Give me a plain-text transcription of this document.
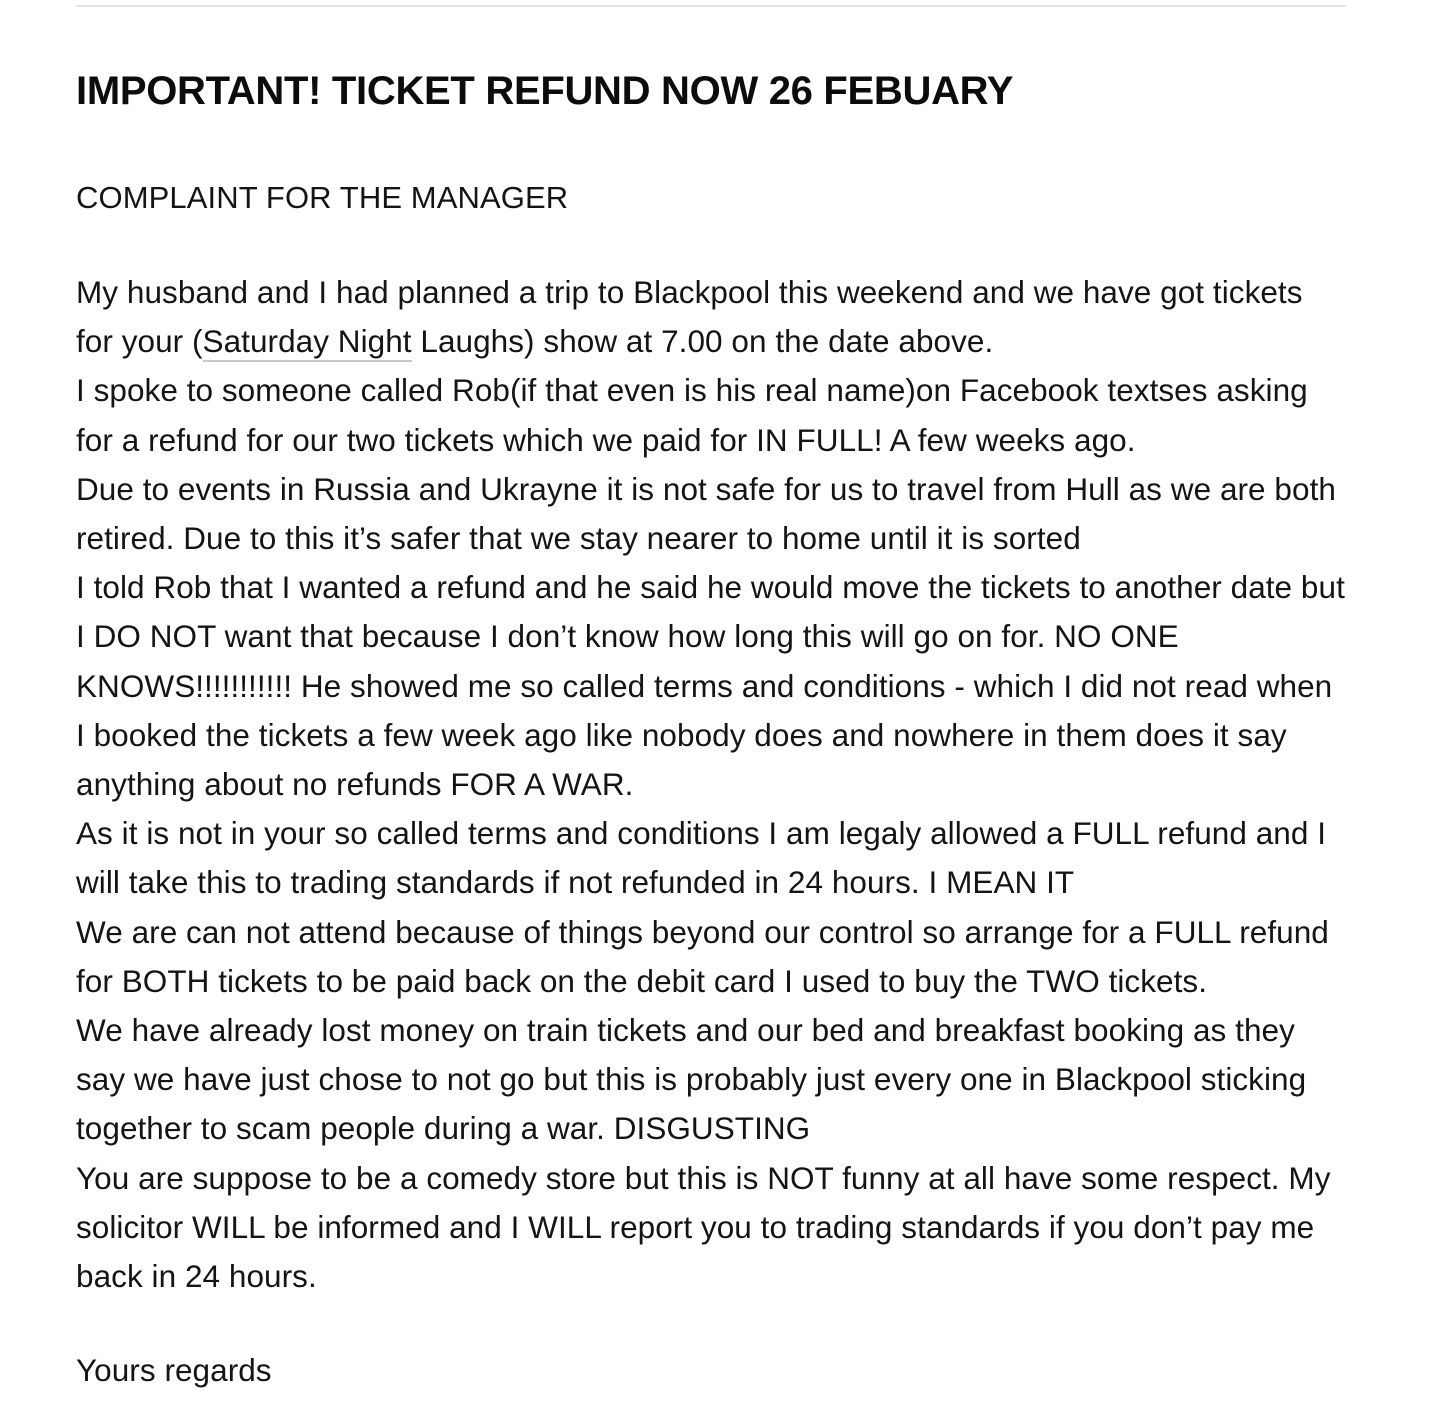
IMPORTANT! TICKET REFUND NOW 26 FEBUARY

COMPLAINT FOR THE MANAGER

My husband and I had planned a trip to Blackpool this weekend and we have got tickets for your (Saturday Night Laughs) show at 7.00 on the date above.

I spoke to someone called Rob(if that even is his real name)on Facebook textses asking for a refund for our two tickets which we paid for IN FULL! A few weeks ago.

Due to events in Russia and Ukrayne it is not safe for us to travel from Hull as we are both retired. Due to this it’s safer that we stay nearer to home until it is sorted

I told Rob that I wanted a refund and he said he would move the tickets to another date but I DO NOT want that because I don’t know how long this will go on for. NO ONE KNOWS!!!!!!!!!!! He showed me so called terms and conditions - which I did not read when I booked the tickets a few week ago like nobody does and nowhere in them does it say anything about no refunds FOR A WAR.

As it is not in your so called terms and conditions I am legaly allowed a FULL refund and I will take this to trading standards if not refunded in 24 hours. I MEAN IT

We are can not attend because of things beyond our control so arrange for a FULL refund for BOTH tickets to be paid back on the debit card I used to buy the TWO tickets.

We have already lost money on train tickets and our bed and breakfast booking as they say we have just chose to not go but this is probably just every one in Blackpool sticking together to scam people during a war. DISGUSTING

You are suppose to be a comedy store but this is NOT funny at all have some respect. My solicitor WILL be informed and I WILL report you to trading standards if you don’t pay me back in 24 hours.

Yours regards
